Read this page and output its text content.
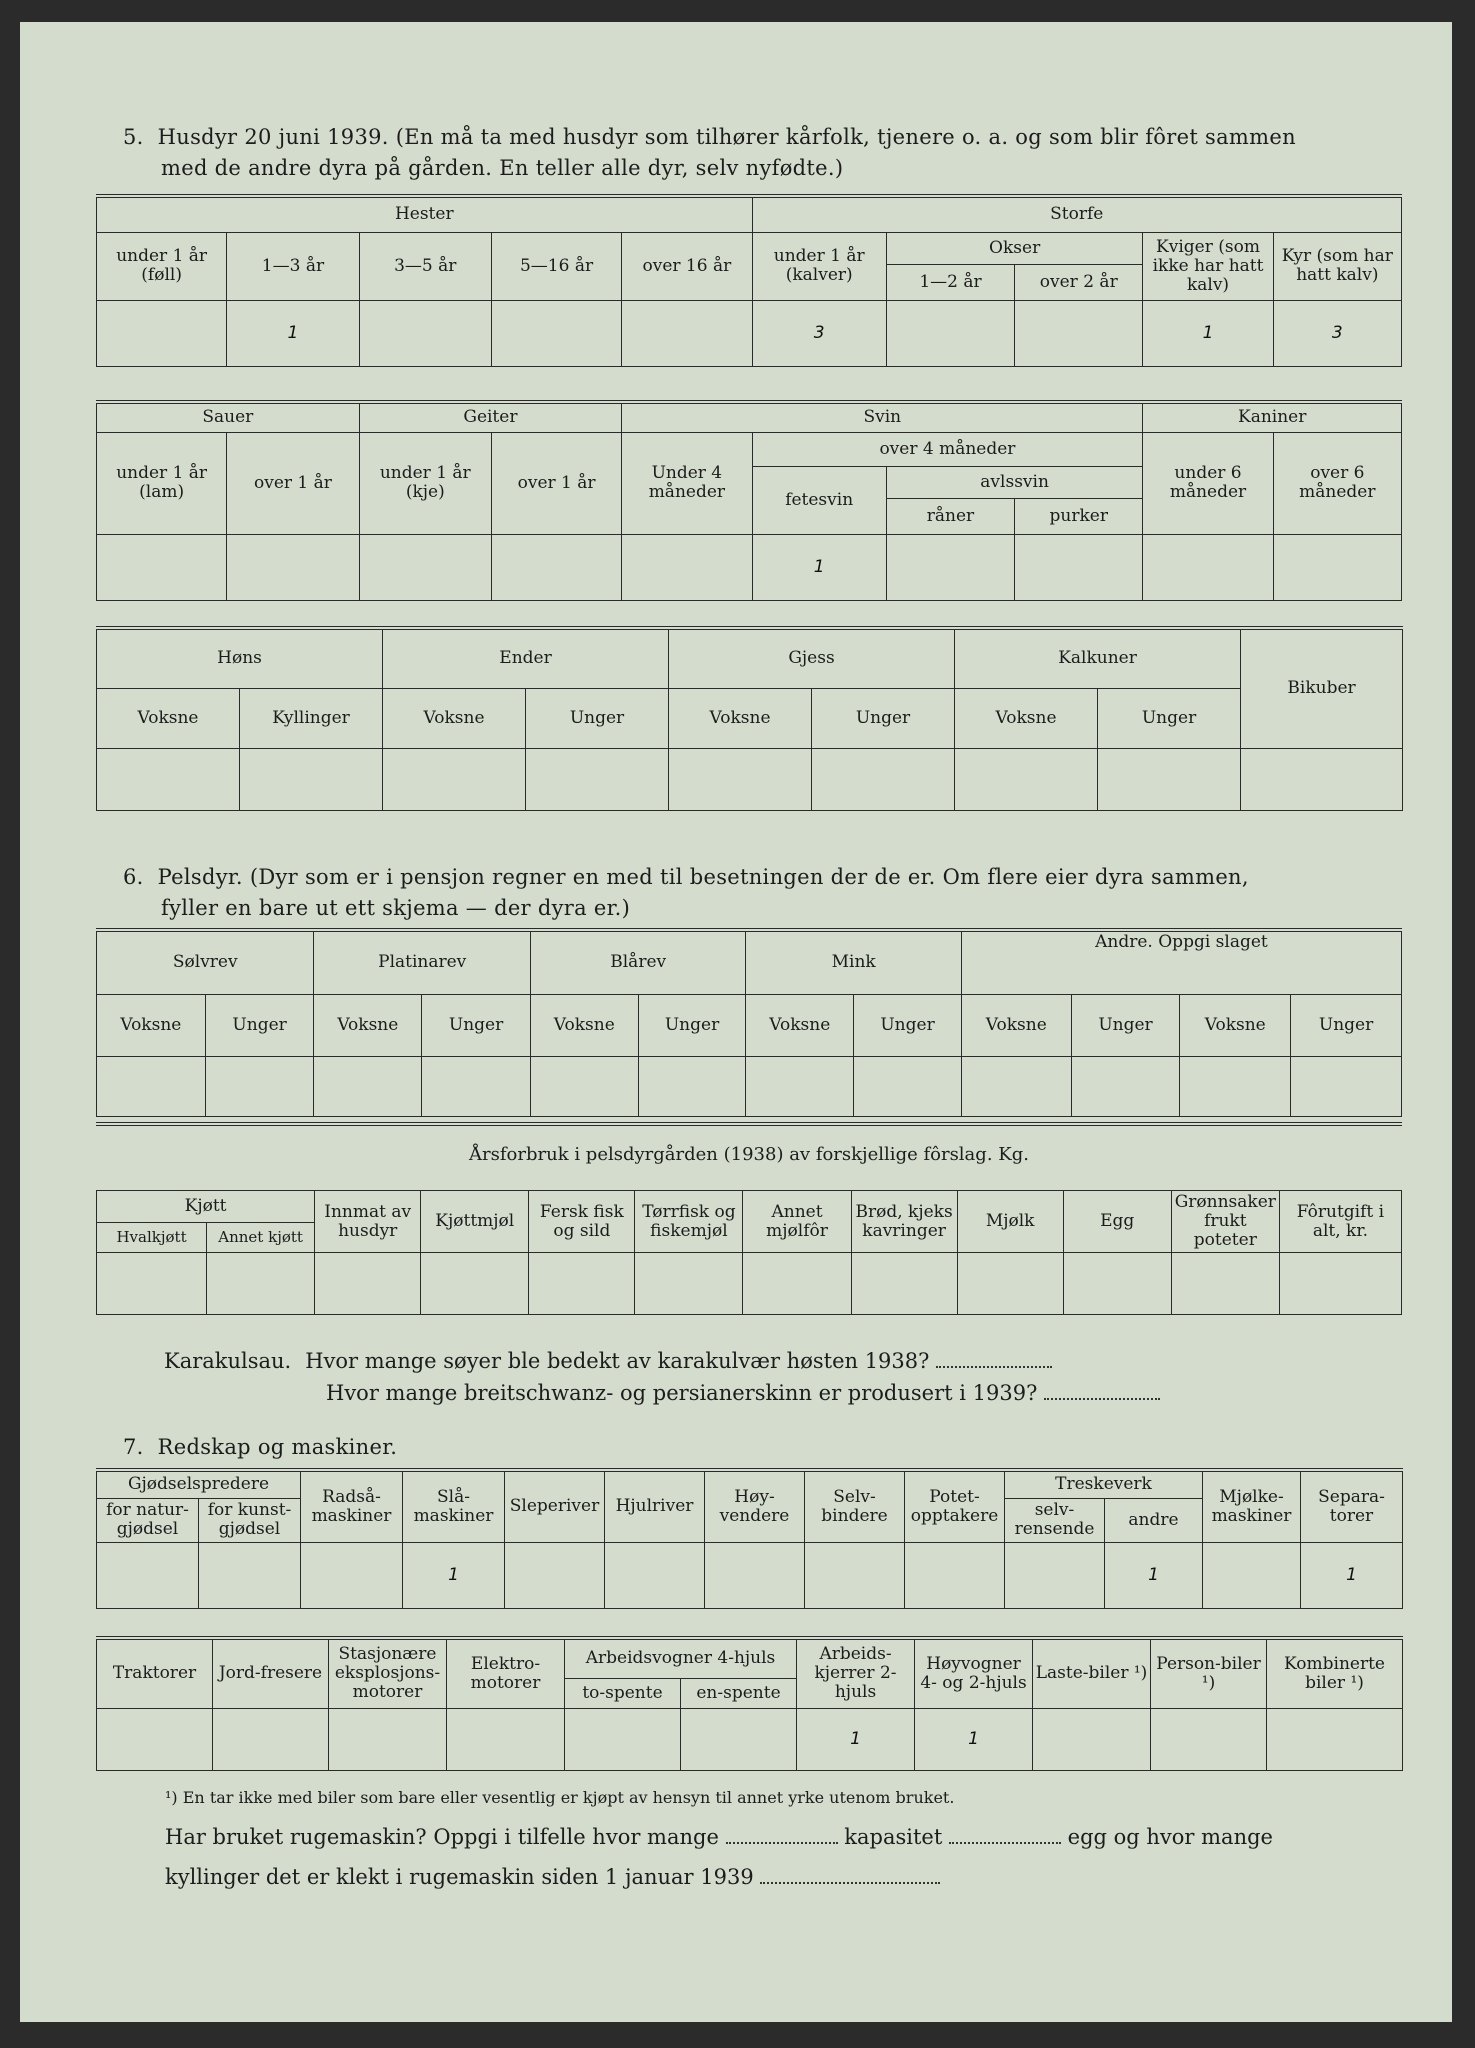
5. Husdyr 20 juni 1939. (En må ta med husdyr som tilhører kårfolk, tjenere o. a. og som blir fôret sammen
med de andre dyra på gården. En teller alle dyr, selv nyfødte.)
Hester					Storfe				
under 1 år (føll)	1—3 år	3—5 år	5—16 år	over 16 år	under 1 år (kalver)	Okser		Kviger (som ikke har hatt kalv)	Kyr (som har hatt kalv)
						1—2 år	over 2 år		
	1				3			1	3
Sauer		Geiter		Svin				Kaniner	
under 1 år (lam)	over 1 år	under 1 år (kje)	over 1 år	Under 4 måneder	over 4 måneder			under 6 måneder	over 6 måneder
					fetesvin	avlssvin			
						råner	purker		
					1				
Høns		Ender		Gjess		Kalkuner		Bikuber
Voksne	Kyllinger	Voksne	Unger	Voksne	Unger	Voksne	Unger	

6. Pelsdyr. (Dyr som er i pensjon regner en med til besetningen der de er. Om flere eier dyra sammen,
fyller en bare ut ett skjema — der dyra er.)
Sølvrev		Platinarev		Blårev		Mink		Andre. Oppgi slaget			
Voksne	Unger	Voksne	Unger	Voksne	Unger	Voksne	Unger	Voksne	Unger	Voksne	Unger

Årsforbruk i pelsdyrgården (1938) av forskjellige fôrslag. Kg.
Kjøtt		Innmat av husdyr	Kjøttmjøl	Fersk fisk og sild	Tørrfisk og fiskemjøl	Annet mjølfôr	Brød, kjeks kavringer	Mjølk	Egg	Grønnsaker frukt poteter	Fôrutgift i alt, kr.
Hvalkjøtt	Annet kjøtt										

Karakulsau. Hvor mange søyer ble bedekt av karakulvær høsten 1938?
Hvor mange breitschwanz- og persianerskinn er produsert i 1939?
7. Redskap og maskiner.
Gjødselspredere		Radså-maskiner	Slå-maskiner	Sleperiver	Hjulriver	Høy-vendere	Selv-bindere	Potet-opptakere	Treskeverk		Mjølke-maskiner	Separa-torer
for natur-gjødsel	for kunst-gjødsel								selv-rensende	andre		
			1							1		1
Traktorer	Jord-fresere	Stasjonære eksplosjons-motorer	Elektro-motorer	Arbeidsvogner 4-hjuls		Arbeids-kjerrer 2-hjuls	Høyvogner 4- og 2-hjuls	Laste-biler ¹)	Person-biler ¹)	Kombinerte biler ¹)
				to-spente	en-spente					
						1	1			
¹) En tar ikke med biler som bare eller vesentlig er kjøpt av hensyn til annet yrke utenom bruket.
Har bruket rugemaskin? Oppgi i tilfelle hvor mange	kapasitet	egg og hvor mange
kyllinger det er klekt i rugemaskin siden 1 januar 1939
